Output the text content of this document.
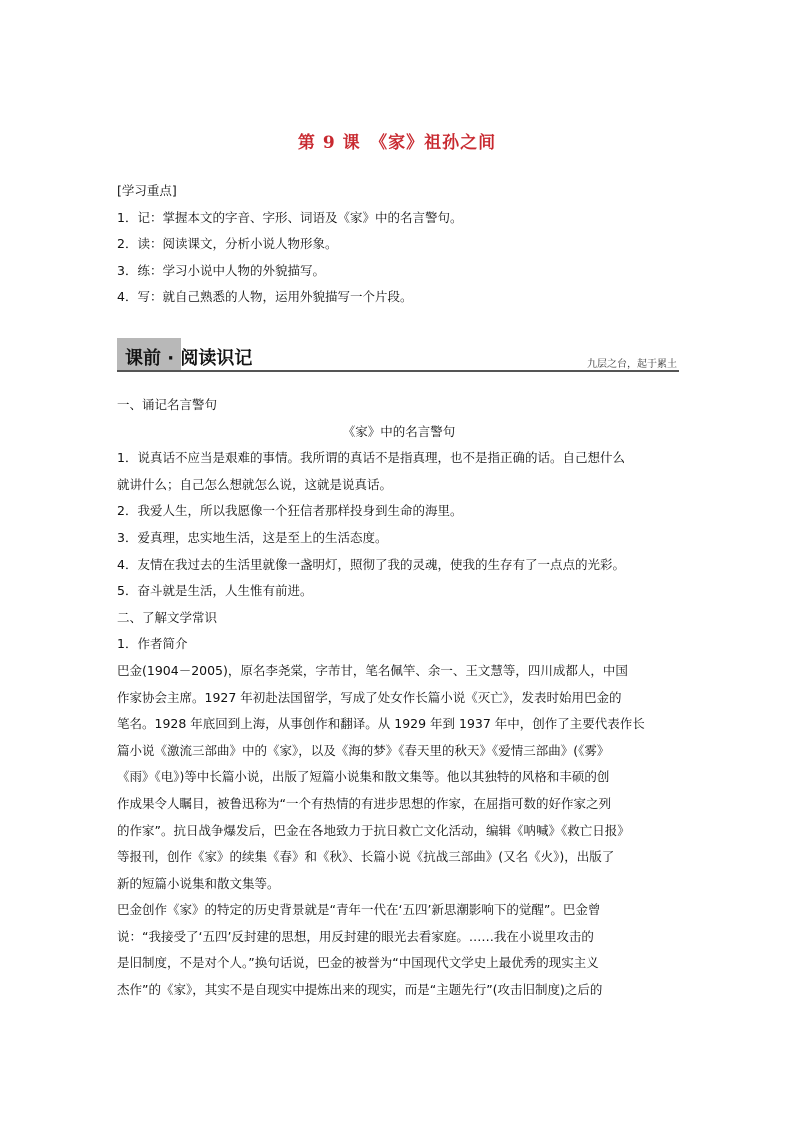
第 9 课　《家》祖孙之间
[学习重点]
1．记：掌握本文的字音、字形、词语及《家》中的名言警句。
2．读：阅读课文，分析小说人物形象。
3．练：学习小说中人物的外貌描写。
4．写：就自己熟悉的人物，运用外貌描写一个片段。
课前 · 阅读识记	九层之台，起于累土
一、诵记名言警句
《家》中的名言警句
1．说真话不应当是艰难的事情。我所谓的真话不是指真理，也不是指正确的话。自己想什么
就讲什么；自己怎么想就怎么说，这就是说真话。
2．我爱人生，所以我愿像一个狂信者那样投身到生命的海里。
3．爱真理，忠实地生活，这是至上的生活态度。
4．友情在我过去的生活里就像一盏明灯，照彻了我的灵魂，使我的生存有了一点点的光彩。
5．奋斗就是生活，人生惟有前进。
二、了解文学常识
1．作者简介
巴金(1904－2005)，原名李尧棠，字芾甘，笔名佩竿、余一、王文慧等，四川成都人，中国
作家协会主席。1927 年初赴法国留学，写成了处女作长篇小说《灭亡》，发表时始用巴金的
笔名。1928 年底回到上海，从事创作和翻译。从 1929 年到 1937 年中，创作了主要代表作长
篇小说《激流三部曲》中的《家》，以及《海的梦》《春天里的秋天》《爱情三部曲》(《雾》
《雨》《电》)等中长篇小说，出版了短篇小说集和散文集等。他以其独特的风格和丰硕的创
作成果令人瞩目，被鲁迅称为“一个有热情的有进步思想的作家，在屈指可数的好作家之列
的作家”。抗日战争爆发后，巴金在各地致力于抗日救亡文化活动，编辑《呐喊》《救亡日报》
等报刊，创作《家》的续集《春》和《秋》、长篇小说《抗战三部曲》(又名《火》)，出版了
新的短篇小说集和散文集等。
巴金创作《家》的特定的历史背景就是“青年一代在‘五四’新思潮影响下的觉醒”。巴金曾
说：“我接受了‘五四’反封建的思想，用反封建的眼光去看家庭。……我在小说里攻击的
是旧制度，不是对个人。”换句话说，巴金的被誉为“中国现代文学史上最优秀的现实主义
杰作”的《家》，其实不是自现实中提炼出来的现实，而是“主题先行”(攻击旧制度)之后的
